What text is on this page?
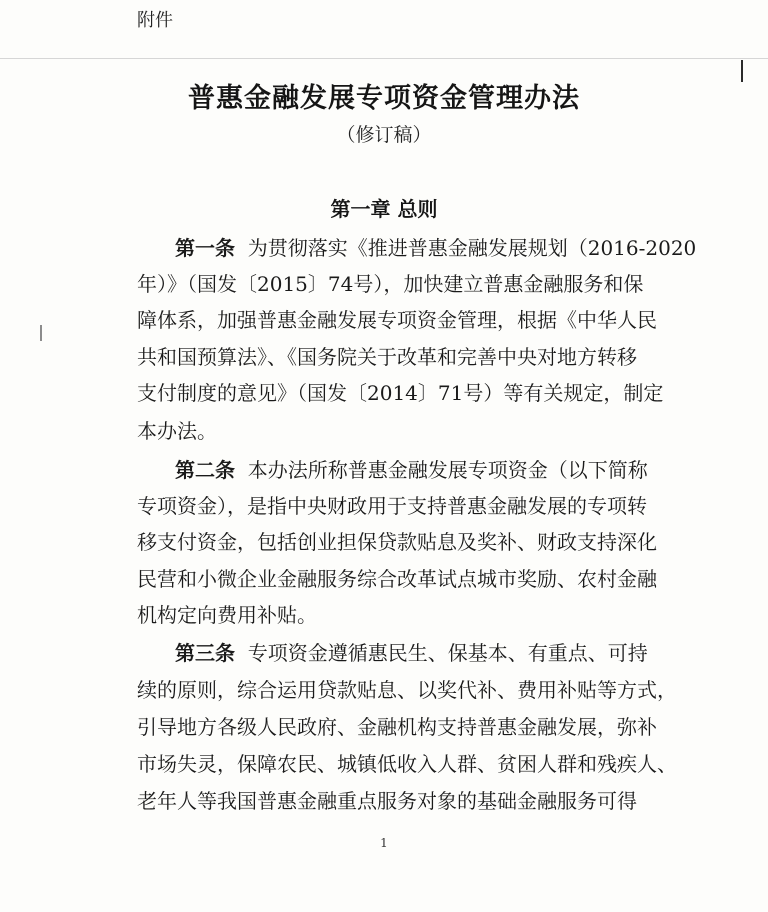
附件
普惠金融发展专项资金管理办法
（修订稿）
第一章 总则
第一条 为贯彻落实《推进普惠金融发展规划（2016-2020
年）》（国发〔2015〕74号），加快建立普惠金融服务和保
障体系，加强普惠金融发展专项资金管理，根据《中华人民
共和国预算法》、《国务院关于改革和完善中央对地方转移
支付制度的意见》（国发〔2014〕71号）等有关规定，制定
本办法。
第二条 本办法所称普惠金融发展专项资金（以下简称
专项资金），是指中央财政用于支持普惠金融发展的专项转
移支付资金，包括创业担保贷款贴息及奖补、财政支持深化
民营和小微企业金融服务综合改革试点城市奖励、农村金融
机构定向费用补贴。
第三条 专项资金遵循惠民生、保基本、有重点、可持
续的原则，综合运用贷款贴息、以奖代补、费用补贴等方式，
引导地方各级人民政府、金融机构支持普惠金融发展，弥补
市场失灵，保障农民、城镇低收入人群、贫困人群和残疾人、
老年人等我国普惠金融重点服务对象的基础金融服务可得
1
